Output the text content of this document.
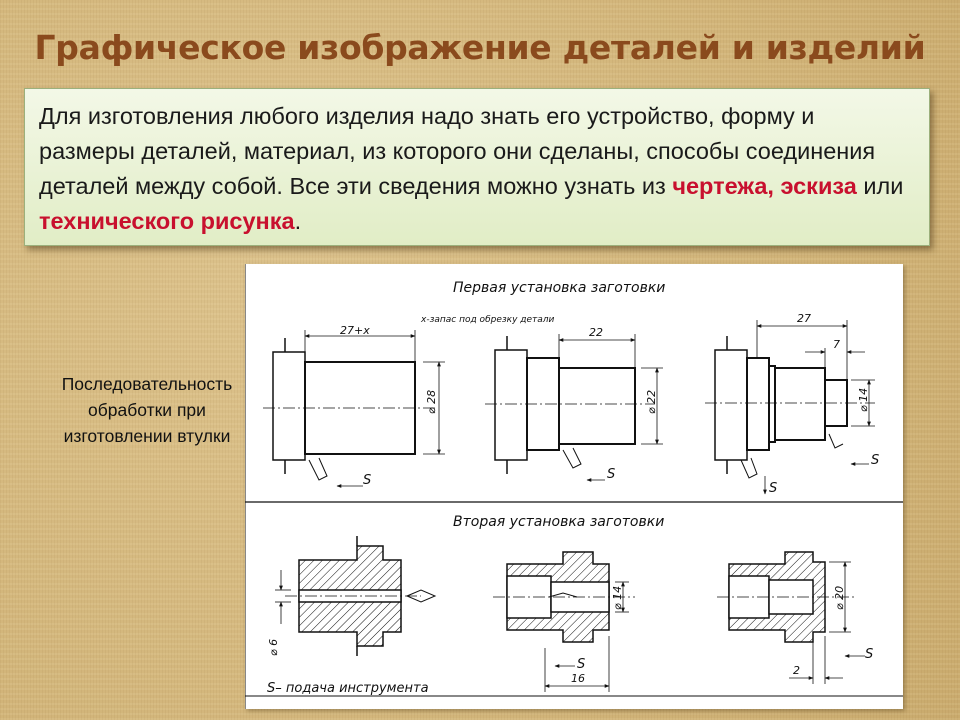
Графическое изображение деталей и изделий
Для изготовления любого изделия надо знать его устройство, форму и размеры деталей, материал, из которого они сделаны, способы соединения деталей между собой. Все эти сведения можно узнать из чертежа, эскиза или технического рисунка.
Последовательность обработки при изготовлении втулки
Первая установка заготовки
Вторая установка заготовки
27+x
x-запас под обрезку детали
⌀ 28
S
22
⌀ 22
S
27
7
⌀ 14
S
S
⌀ 6
⌀ 14
16
S
⌀ 20
2
S
S– подача инструмента
